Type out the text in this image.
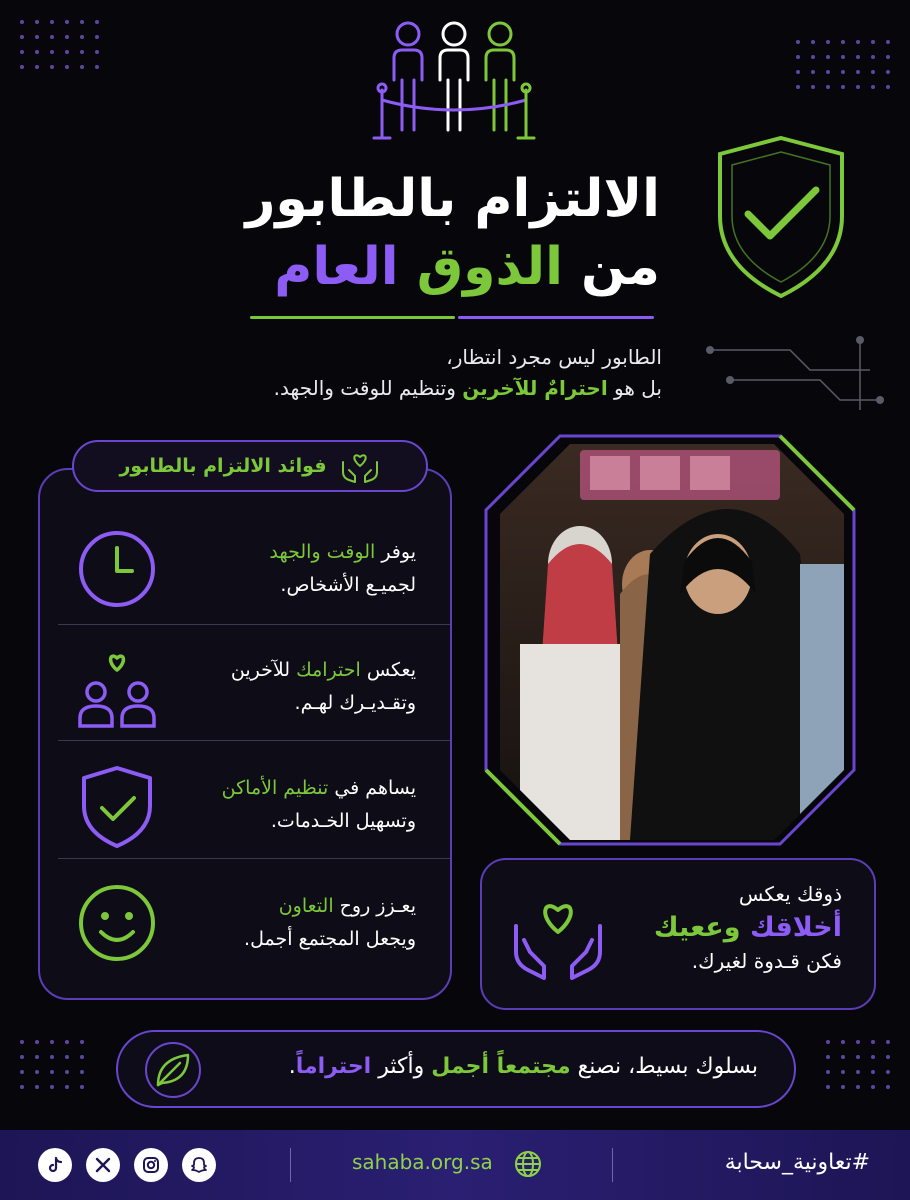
الالتزام بالطابور
من الذوق العام
الطابور ليس مجرد انتظار،
بل هو احترامٌ للآخرين وتنظيم للوقت والجهد.
فوائد الالتزام بالطابور
يوفر الوقت والجهد
لجميـع الأشخاص.
يعكس احترامك للآخرين
وتقـديـرك لهـم.
يساهم في تنظيم الأماكن
وتسهيل الخـدمات.
يعـزز روح التعاون
ويجعل المجتمع أجمل.
ذوقك يعكس
أخلاقك وععيك
فكن قـدوة لغيرك.
بسلوك بسيط، نصنع مجتمعاً أجمل وأكثر احتراماً.
#تعاونية_سحابة
sahaba.org.sa
